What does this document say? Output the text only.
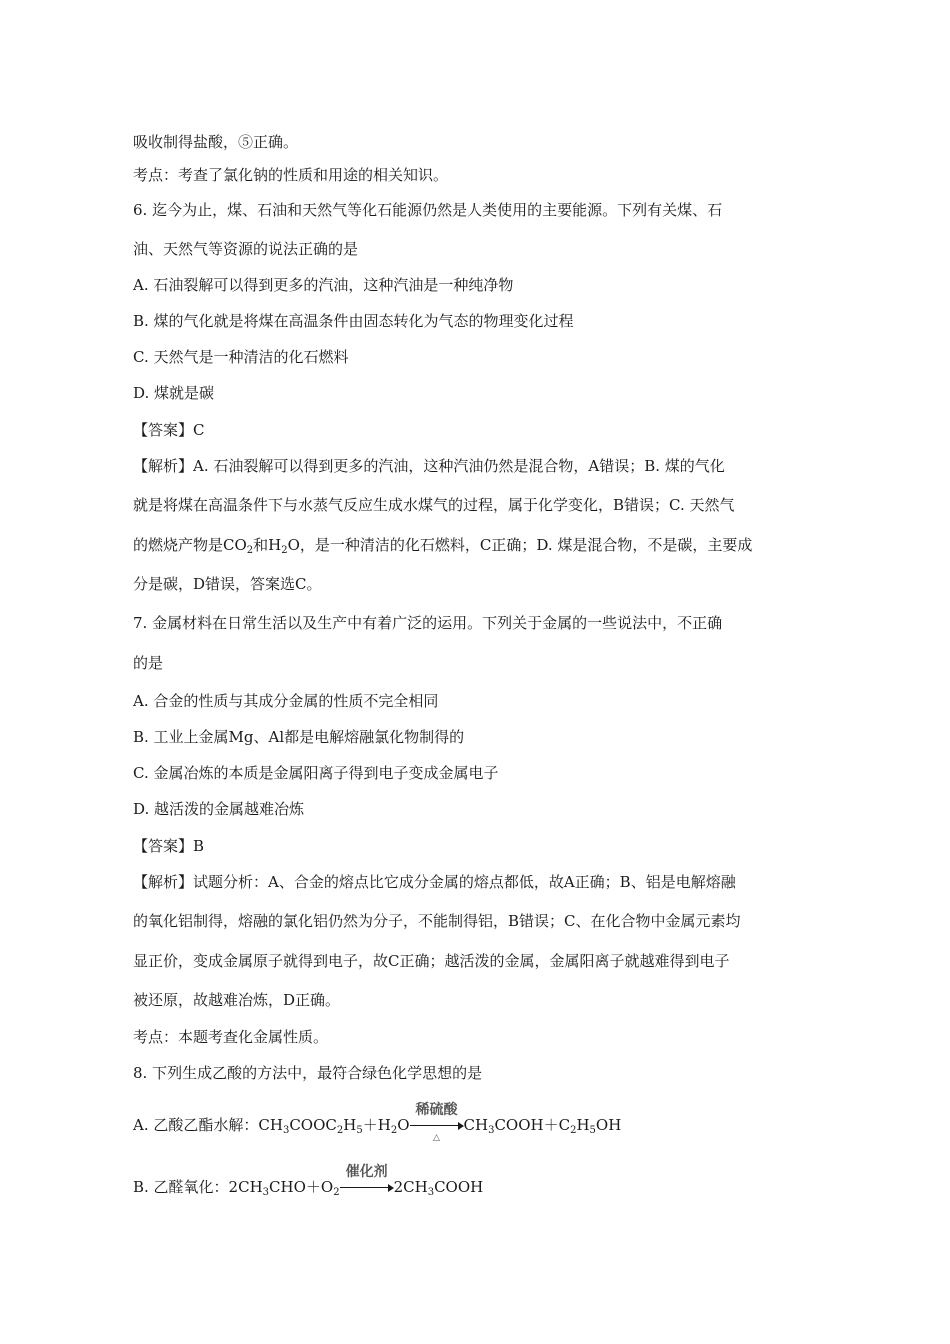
吸收制得盐酸，⑤正确。
考点：考查了氯化钠的性质和用途的相关知识。
6. 迄今为止，煤、石油和天然气等化石能源仍然是人类使用的主要能源。下列有关煤、石
油、天然气等资源的说法正确的是
A. 石油裂解可以得到更多的汽油，这种汽油是一种纯净物
B. 煤的气化就是将煤在高温条件由固态转化为气态的物理变化过程
C. 天然气是一种清洁的化石燃料
D. 煤就是碳
【答案】C
【解析】A. 石油裂解可以得到更多的汽油，这种汽油仍然是混合物，A错误；B. 煤的气化
就是将煤在高温条件下与水蒸气反应生成水煤气的过程，属于化学变化，B错误；C. 天然气
的燃烧产物是$CO_2$和$H_2O$，是一种清洁的化石燃料，C正确；D. 煤是混合物，不是碳，主要成
分是碳，D错误，答案选C。
7. 金属材料在日常生活以及生产中有着广泛的运用。下列关于金属的一些说法中，不正确
的是
A. 合金的性质与其成分金属的性质不完全相同
B. 工业上金属Mg、Al都是电解熔融氯化物制得的
C. 金属冶炼的本质是金属阳离子得到电子变成金属电子
D. 越活泼的金属越难冶炼
【答案】B
【解析】试题分析：A、合金的熔点比它成分金属的熔点都低，故A正确；B、铝是电解熔融
的氧化铝制得，熔融的氯化铝仍然为分子，不能制得铝，B错误；C、在化合物中金属元素均
显正价，变成金属原子就得到电子，故C正确；越活泼的金属，金属阳离子就越难得到电子
被还原，故越难冶炼，D正确。
考点：本题考查化金属性质。
8. 下列生成乙酸的方法中，最符合绿色化学思想的是
A. 乙酸乙酯水解：$CH_3COOC_2H_5+H_2O$
稀硫酸
△
$CH_3COOH+C_2H_5OH$
B. 乙醛氧化：$2CH_3CHO+O_2$
催化剂
$2CH_3COOH$
